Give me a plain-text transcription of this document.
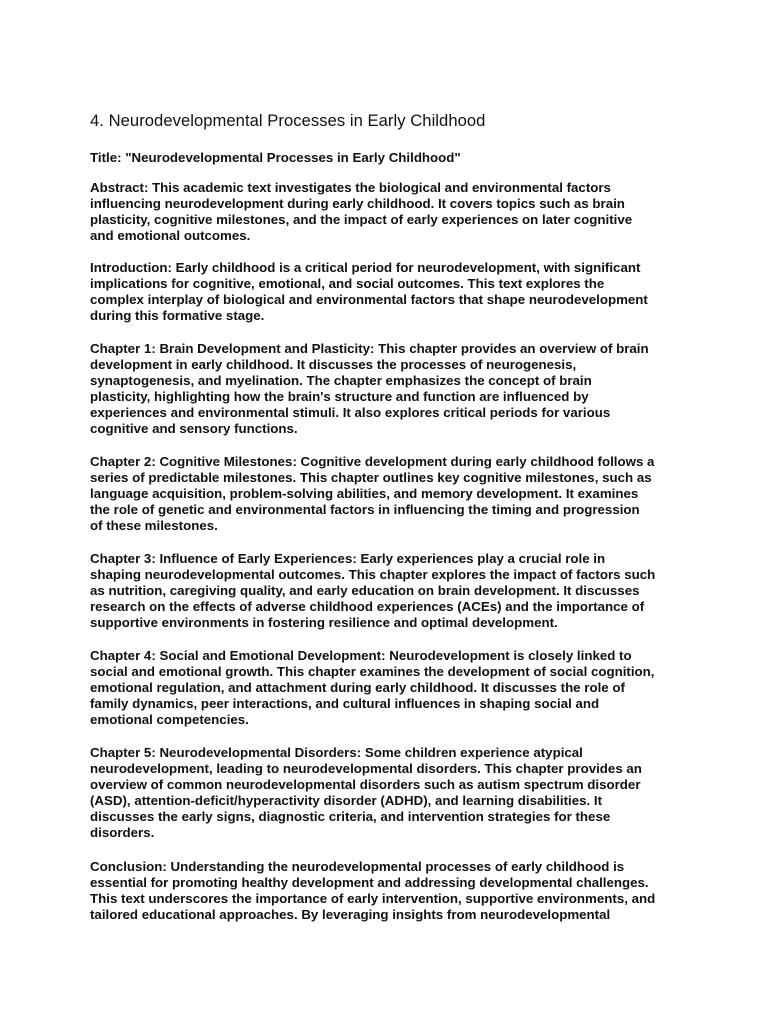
4. Neurodevelopmental Processes in Early Childhood

Title: "Neurodevelopmental Processes in Early Childhood"

Abstract: This academic text investigates the biological and environmental factors
influencing neurodevelopment during early childhood. It covers topics such as brain
plasticity, cognitive milestones, and the impact of early experiences on later cognitive
and emotional outcomes.

Introduction: Early childhood is a critical period for neurodevelopment, with significant
implications for cognitive, emotional, and social outcomes. This text explores the
complex interplay of biological and environmental factors that shape neurodevelopment
during this formative stage.

Chapter 1: Brain Development and Plasticity: This chapter provides an overview of brain
development in early childhood. It discusses the processes of neurogenesis,
synaptogenesis, and myelination. The chapter emphasizes the concept of brain
plasticity, highlighting how the brain's structure and function are influenced by
experiences and environmental stimuli. It also explores critical periods for various
cognitive and sensory functions.

Chapter 2: Cognitive Milestones: Cognitive development during early childhood follows a
series of predictable milestones. This chapter outlines key cognitive milestones, such as
language acquisition, problem-solving abilities, and memory development. It examines
the role of genetic and environmental factors in influencing the timing and progression
of these milestones.

Chapter 3: Influence of Early Experiences: Early experiences play a crucial role in
shaping neurodevelopmental outcomes. This chapter explores the impact of factors such
as nutrition, caregiving quality, and early education on brain development. It discusses
research on the effects of adverse childhood experiences (ACEs) and the importance of
supportive environments in fostering resilience and optimal development.

Chapter 4: Social and Emotional Development: Neurodevelopment is closely linked to
social and emotional growth. This chapter examines the development of social cognition,
emotional regulation, and attachment during early childhood. It discusses the role of
family dynamics, peer interactions, and cultural influences in shaping social and
emotional competencies.

Chapter 5: Neurodevelopmental Disorders: Some children experience atypical
neurodevelopment, leading to neurodevelopmental disorders. This chapter provides an
overview of common neurodevelopmental disorders such as autism spectrum disorder
(ASD), attention-deficit/hyperactivity disorder (ADHD), and learning disabilities. It
discusses the early signs, diagnostic criteria, and intervention strategies for these
disorders.

Conclusion: Understanding the neurodevelopmental processes of early childhood is
essential for promoting healthy development and addressing developmental challenges.
This text underscores the importance of early intervention, supportive environments, and
tailored educational approaches. By leveraging insights from neurodevelopmental
